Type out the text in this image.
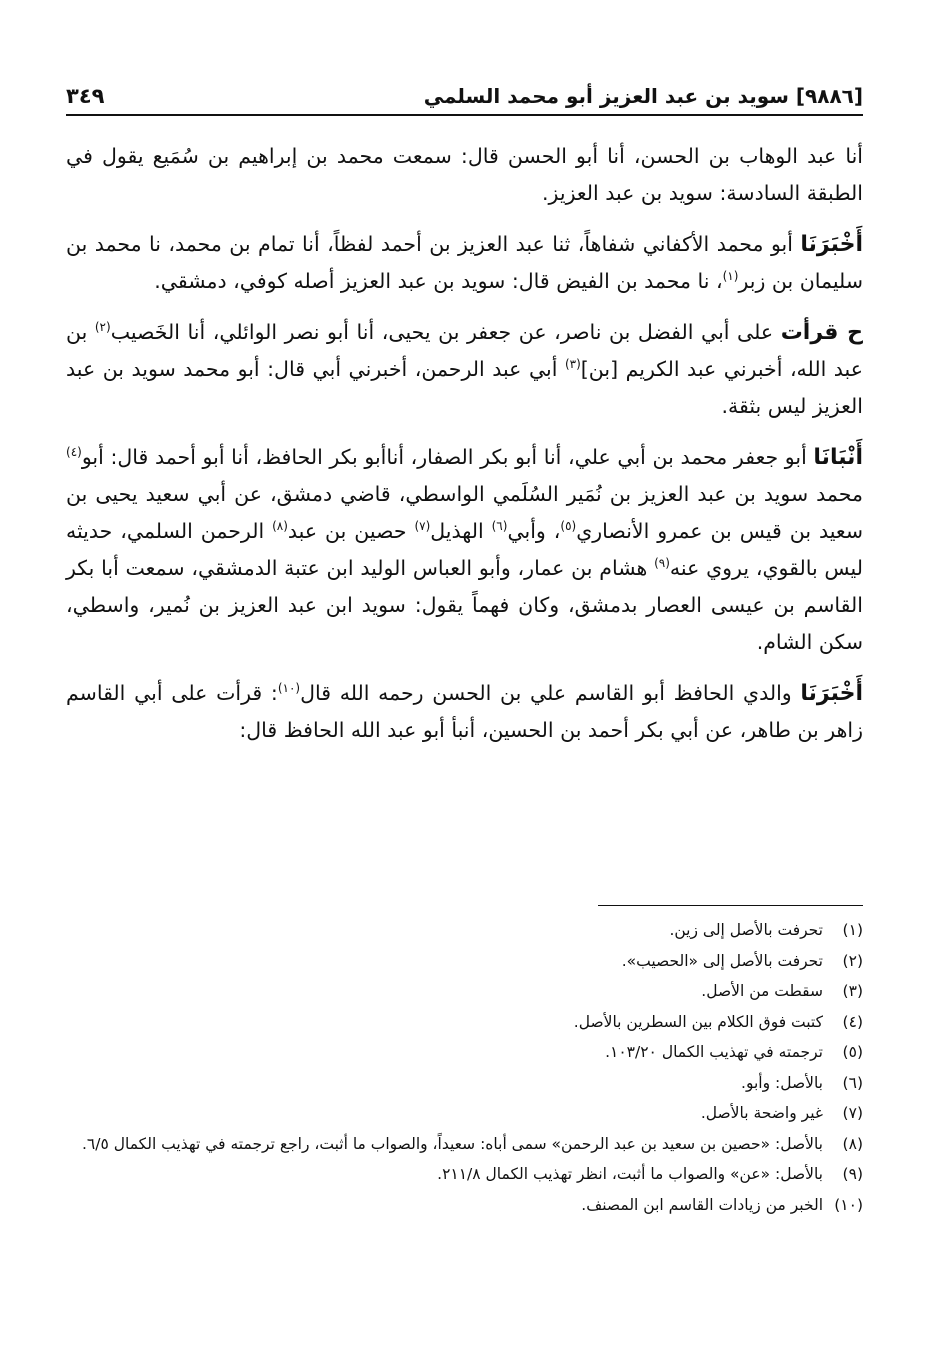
٣٤٩	[٩٨٨٦] سويد بن عبد العزيز أبو محمد السلمي

أنا عبد الوهاب بن الحسن، أنا أبو الحسن قال: سمعت محمد بن إبراهيم بن سُمَيع يقول في الطبقة السادسة: سويد بن عبد العزيز.

أَخْبَرَنَا أبو محمد الأكفاني شفاهاً، ثنا عبد العزيز بن أحمد لفظاً، أنا تمام بن محمد، نا محمد بن سليمان بن زبر$^{(١)}$، نا محمد بن الفيض قال: سويد بن عبد العزيز أصله كوفي، دمشقي.

ح قرأت على أبي الفضل بن ناصر، عن جعفر بن يحيى، أنا أبو نصر الوائلي، أنا الخَصيب$^{(٢)}$ بن عبد الله، أخبرني عبد الكريم [بن]$^{(٣)}$ أبي عبد الرحمن، أخبرني أبي قال: أبو محمد سويد بن عبد العزيز ليس بثقة.

أَنْبَانَا أبو جعفر محمد بن أبي علي، أنا أبو بكر الصفار، أناأبو بكر الحافظ، أنا أبو أحمد قال: أبو$^{(٤)}$ محمد سويد بن عبد العزيز بن نُمَير السُلَمي الواسطي، قاضي دمشق، عن أبي سعيد يحيى بن سعيد بن قيس بن عمرو الأنصاري$^{(٥)}$، وأبي$^{(٦)}$ الهذيل$^{(٧)}$ حصين بن عبد$^{(٨)}$ الرحمن السلمي، حديثه ليس بالقوي، يروي عنه$^{(٩)}$ هشام بن عمار، وأبو العباس الوليد ابن عتبة الدمشقي، سمعت أبا بكر القاسم بن عيسى العصار بدمشق، وكان فهماً يقول: سويد ابن عبد العزيز بن نُمير، واسطي، سكن الشام.

أَخْبَرَنَا والدي الحافظ أبو القاسم علي بن الحسن رحمه الله قال$^{(١٠)}$: قرأت على أبي القاسم زاهر بن طاهر، عن أبي بكر أحمد بن الحسين، أنبأ أبو عبد الله الحافظ قال:

(١)
تحرفت بالأصل إلى زين.
(٢)
تحرفت بالأصل إلى «الحصيب».
(٣)
سقطت من الأصل.
(٤)
كتبت فوق الكلام بين السطرين بالأصل.
(٥)
ترجمته في تهذيب الكمال ١٠٣/٢٠.
(٦)
بالأصل: وأبو.
(٧)
غير واضحة بالأصل.
(٨)
بالأصل: «حصين بن سعيد بن عبد الرحمن» سمى أباه: سعيداً، والصواب ما أثبت، راجع ترجمته في تهذيب الكمال ٦/٥.
(٩)
بالأصل: «عن» والصواب ما أثبت، انظر تهذيب الكمال ٢١١/٨.
(١٠)
الخبر من زيادات القاسم ابن المصنف.
